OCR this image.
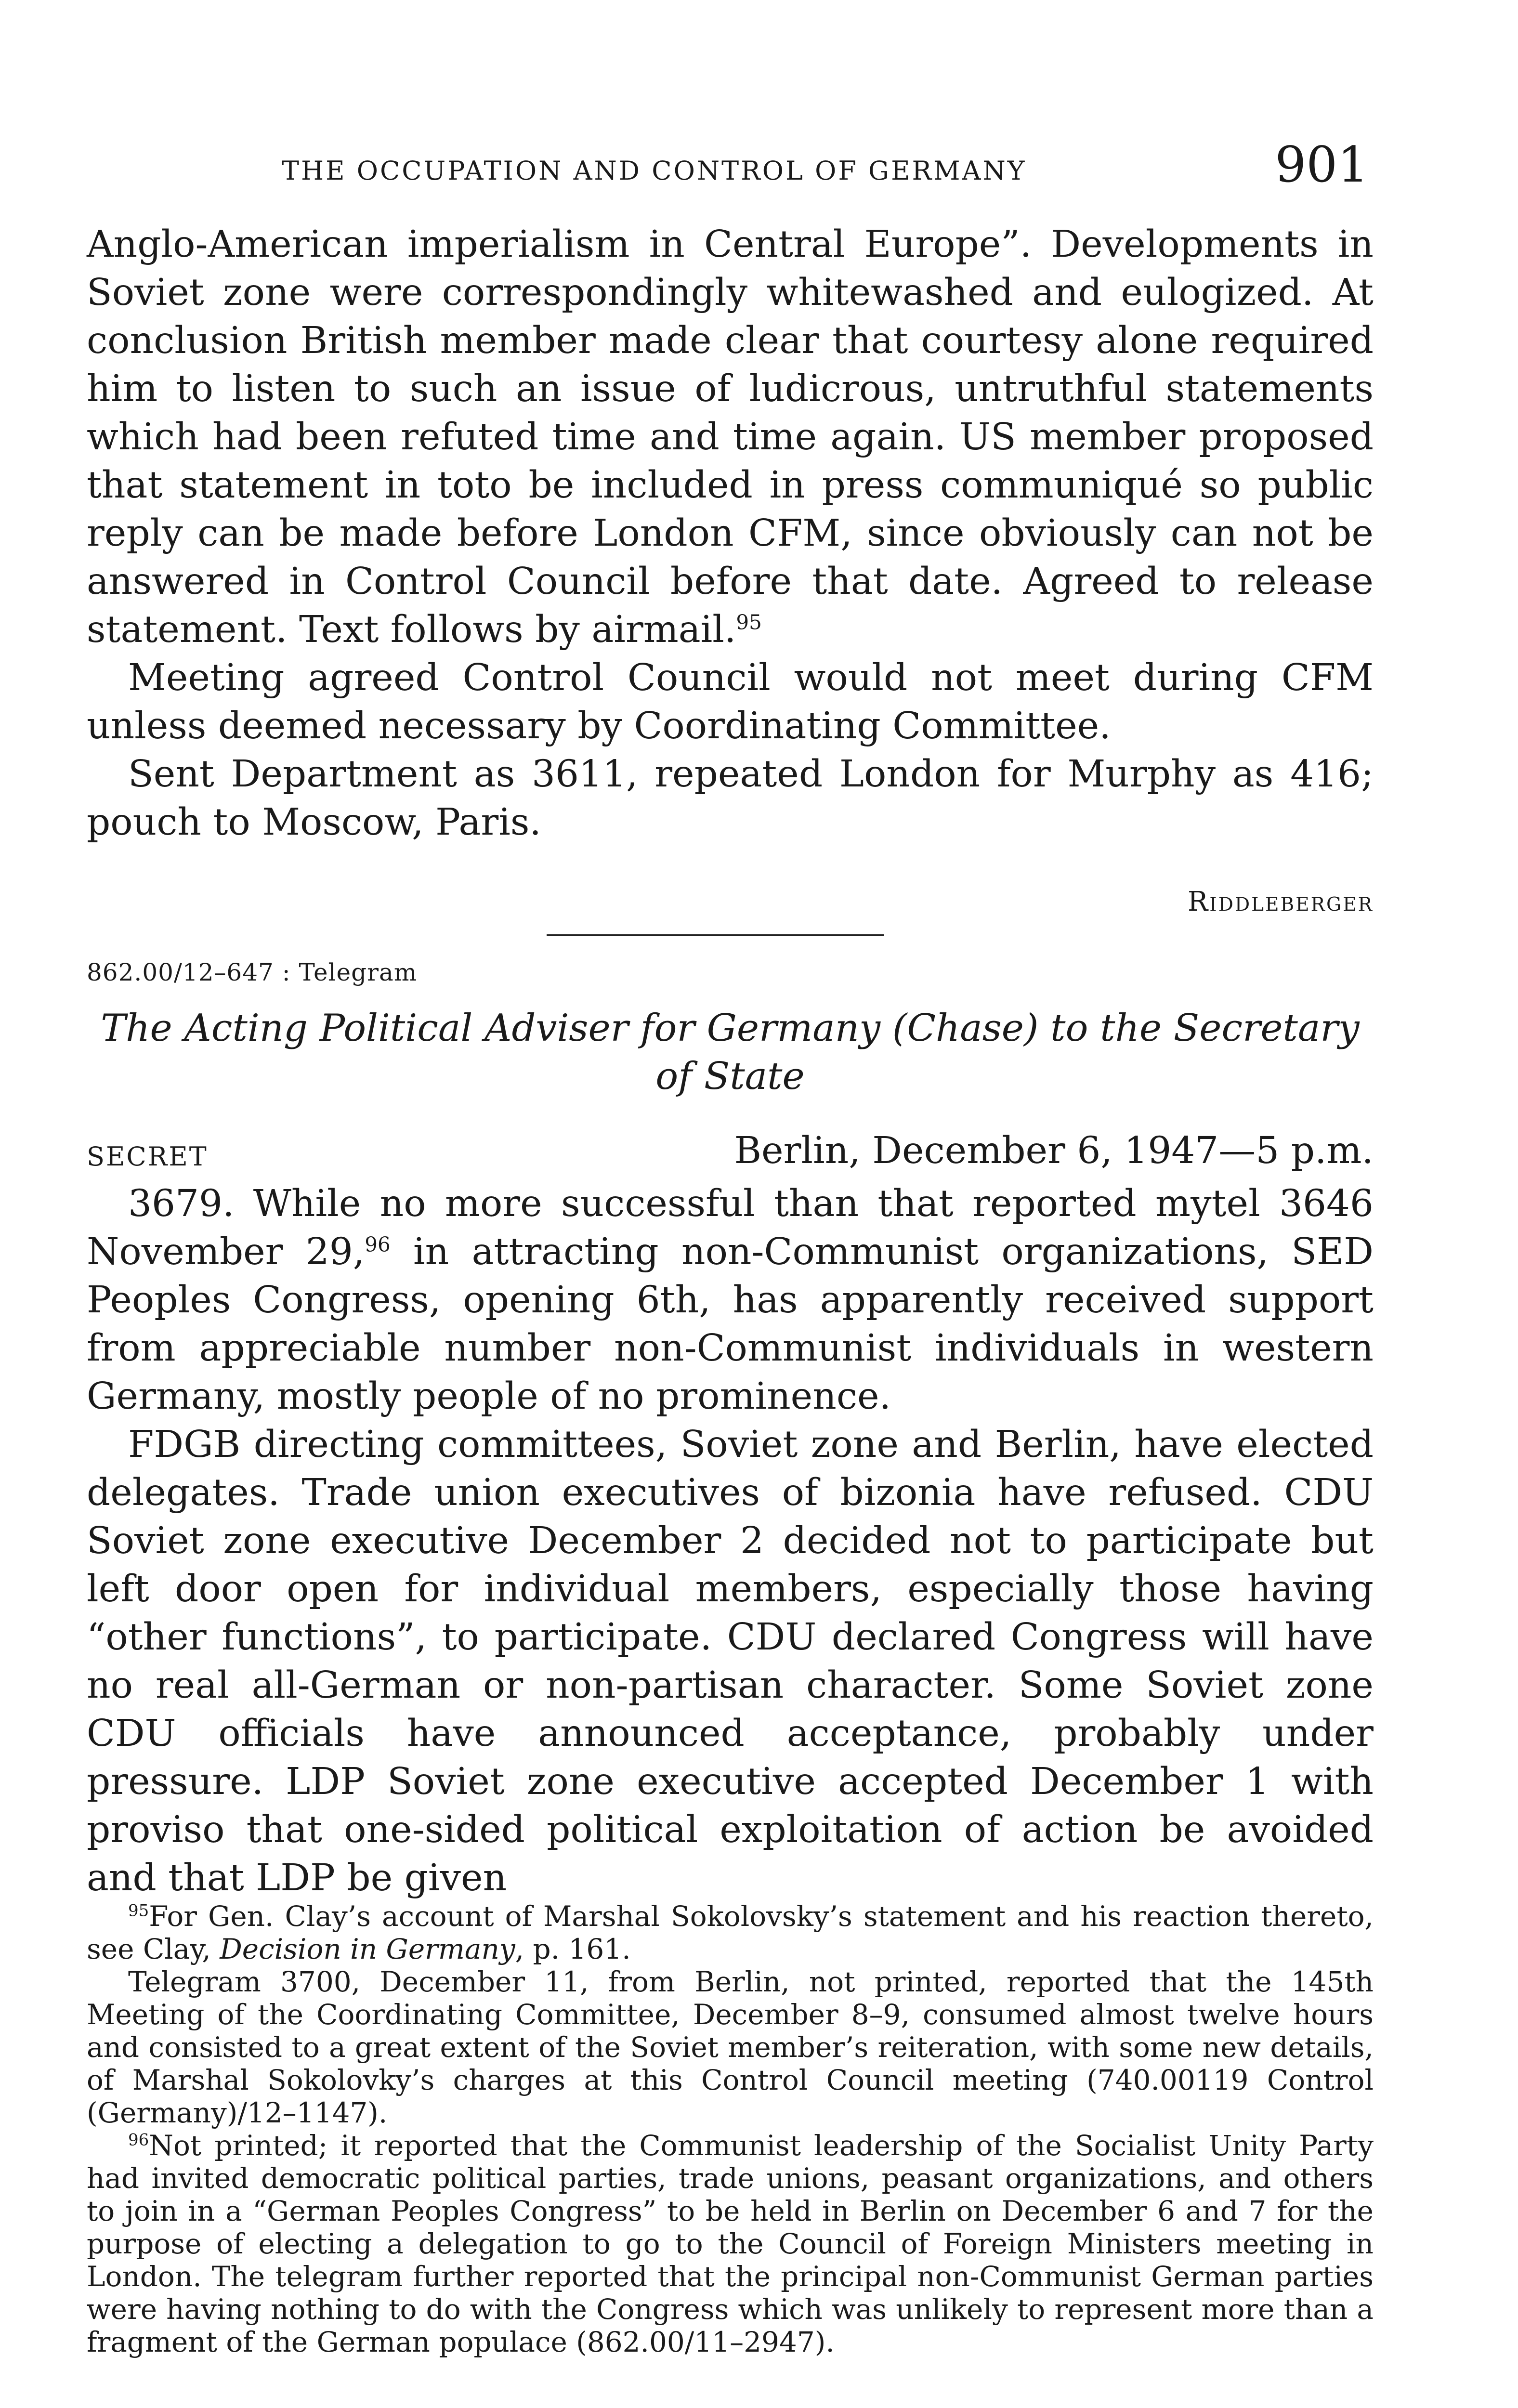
THE OCCUPATION AND CONTROL OF GERMANY	901

Anglo-American imperialism in Central Europe”. Developments in Soviet zone were correspondingly whitewashed and eulogized. At conclusion British member made clear that courtesy alone required him to listen to such an issue of ludicrous, untruthful statements which had been refuted time and time again. US member proposed that statement in toto be included in press communiqué so public reply can be made before London CFM, since obviously can not be answered in Control Council before that date. Agreed to release statement. Text follows by airmail.$^{95}$

Meeting agreed Control Council would not meet during CFM unless deemed necessary by Coordinating Committee.

Sent Department as 3611, repeated London for Murphy as 416; pouch to Moscow, Paris.

Riddleberger
862.00/12–647 : Telegram
The Acting Political Adviser for Germany (Chase) to the Secretary of State
SECRET	Berlin, December 6, 1947—5 p.m.

3679. While no more successful than that reported mytel 3646 November 29,96 in attracting non-Communist organizations, SED Peoples Congress, opening 6th, has apparently received support from appreciable number non-Communist individuals in western Germany, mostly people of no prominence.

FDGB directing committees, Soviet zone and Berlin, have elected delegates. Trade union executives of bizonia have refused. CDU Soviet zone executive December 2 decided not to participate but left door open for individual members, especially those having “other functions”, to participate. CDU declared Congress will have no real all-German or non-partisan character. Some Soviet zone CDU officials have announced acceptance, probably under pressure. LDP Soviet zone executive accepted December 1 with proviso that one-sided political exploitation of action be avoided and that LDP be given

$^{95}$For Gen. Clay’s account of Marshal Sokolovsky’s statement and his reaction thereto, see Clay, Decision in Germany, p. 161.

Telegram 3700, December 11, from Berlin, not printed, reported that the 145th Meeting of the Coordinating Committee, December 8–9, consumed almost twelve hours and consisted to a great extent of the Soviet member’s reiteration, with some new details, of Marshal Sokolovky’s charges at this Control Council meeting (740.00119 Control (Germany)/12–1147).

$^{96}$Not printed; it reported that the Communist leadership of the Socialist Unity Party had invited democratic political parties, trade unions, peasant organizations, and others to join in a “German Peoples Congress” to be held in Berlin on December 6 and 7 for the purpose of electing a delegation to go to the Council of Foreign Ministers meeting in London. The telegram further reported that the principal non-Communist German parties were having nothing to do with the Congress which was unlikely to represent more than a fragment of the German populace (862.00/11–2947).
